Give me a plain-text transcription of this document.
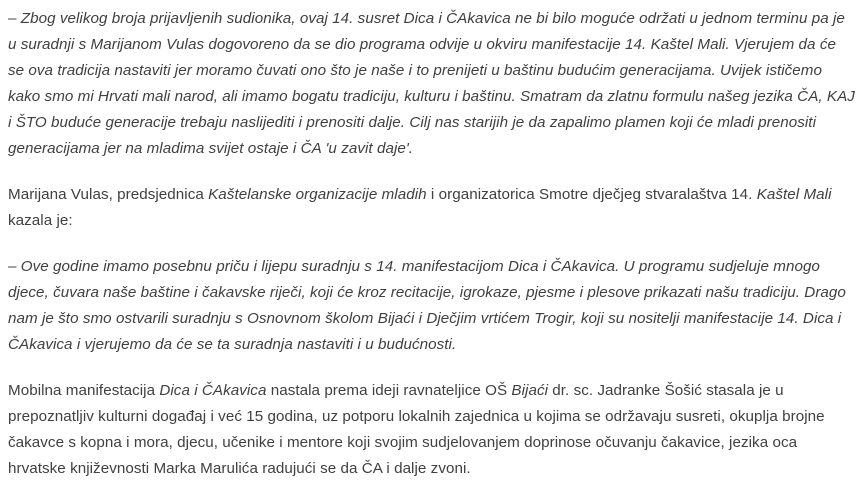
– Zbog velikog broja prijavljenih sudionika, ovaj 14. susret Dica i ČAkavica ne bi bilo moguće održati u jednom terminu pa je u suradnji s Marijanom Vulas dogovoreno da se dio programa odvije u okviru manifestacije 14. Kaštel Mali. Vjerujem da će se ova tradicija nastaviti jer moramo čuvati ono što je naše i to prenijeti u baštinu budućim generacijama. Uvijek ističemo kako smo mi Hrvati mali narod, ali imamo bogatu tradiciju, kulturu i baštinu. Smatram da zlatnu formulu našeg jezika ČA, KAJ i ŠTO buduće generacije trebaju naslijediti i prenositi dalje. Cilj nas starijih je da zapalimo plamen koji će mladi prenositi generacijama jer na mladima svijet ostaje i ČA 'u zavit daje'.

Marijana Vulas, predsjednica Kaštelanske organizacije mladih i organizatorica Smotre dječjeg stvaralaštva 14. Kaštel Mali kazala je:

– Ove godine imamo posebnu priču i lijepu suradnju s 14. manifestacijom Dica i ČAkavica. U programu sudjeluje mnogo djece, čuvara naše baštine i čakavske riječi, koji će kroz recitacije, igrokaze, pjesme i plesove prikazati našu tradiciju. Drago nam je što smo ostvarili suradnju s Osnovnom školom Bijaći i Dječjim vrtićem Trogir, koji su nositelji manifestacije 14. Dica i ČAkavica i vjerujemo da će se ta suradnja nastaviti i u budućnosti.

Mobilna manifestacija Dica i ČAkavica nastala prema ideji ravnateljice OŠ Bijaći dr. sc. Jadranke Šošić stasala je u prepoznatljiv kulturni događaj i već 15 godina, uz potporu lokalnih zajednica u kojima se održavaju susreti, okuplja brojne čakavce s kopna i mora, djecu, učenike i mentore koji svojim sudjelovanjem doprinose očuvanju čakavice, jezika oca hrvatske književnosti Marka Marulića radujući se da ČA i dalje zvoni.
